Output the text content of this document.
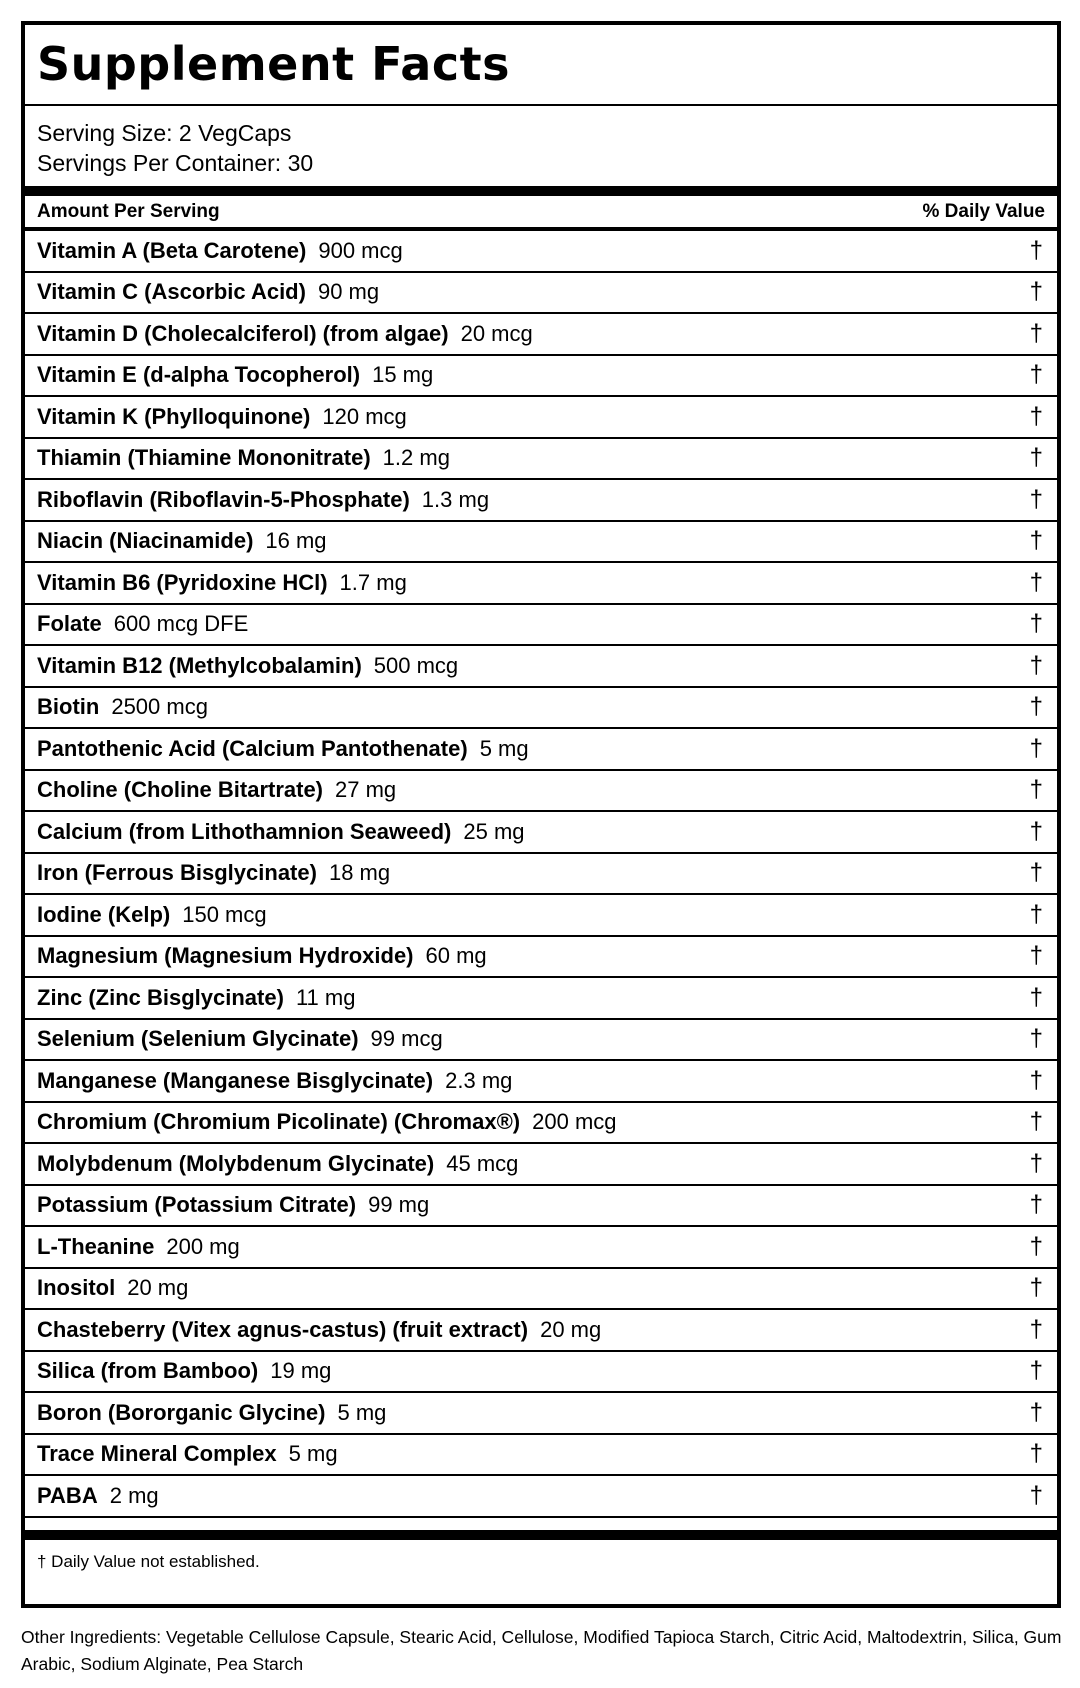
Supplement Facts
Serving Size: 2 VegCaps
Servings Per Container: 30
Amount Per Serving	% Daily Value
Vitamin A (Beta Carotene) 900 mcg	†
Vitamin C (Ascorbic Acid) 90 mg	†
Vitamin D (Cholecalciferol) (from algae) 20 mcg	†
Vitamin E (d-alpha Tocopherol) 15 mg	†
Vitamin K (Phylloquinone) 120 mcg	†
Thiamin (Thiamine Mononitrate) 1.2 mg	†
Riboflavin (Riboflavin-5-Phosphate) 1.3 mg	†
Niacin (Niacinamide) 16 mg	†
Vitamin B6 (Pyridoxine HCl) 1.7 mg	†
Folate 600 mcg DFE	†
Vitamin B12 (Methylcobalamin) 500 mcg	†
Biotin 2500 mcg	†
Pantothenic Acid (Calcium Pantothenate) 5 mg	†
Choline (Choline Bitartrate) 27 mg	†
Calcium (from Lithothamnion Seaweed) 25 mg	†
Iron (Ferrous Bisglycinate) 18 mg	†
Iodine (Kelp) 150 mcg	†
Magnesium (Magnesium Hydroxide) 60 mg	†
Zinc (Zinc Bisglycinate) 11 mg	†
Selenium (Selenium Glycinate) 99 mcg	†
Manganese (Manganese Bisglycinate) 2.3 mg	†
Chromium (Chromium Picolinate) (Chromax®) 200 mcg	†
Molybdenum (Molybdenum Glycinate) 45 mcg	†
Potassium (Potassium Citrate) 99 mg	†
L-Theanine 200 mg	†
Inositol 20 mg	†
Chasteberry (Vitex agnus-castus) (fruit extract) 20 mg	†
Silica (from Bamboo) 19 mg	†
Boron (Bororganic Glycine) 5 mg	†
Trace Mineral Complex 5 mg	†
PABA 2 mg	†
† Daily Value not established.
Other Ingredients: Vegetable Cellulose Capsule, Stearic Acid, Cellulose, Modified Tapioca Starch, Citric Acid, Maltodextrin, Silica, Gum Arabic, Sodium Alginate, Pea Starch
